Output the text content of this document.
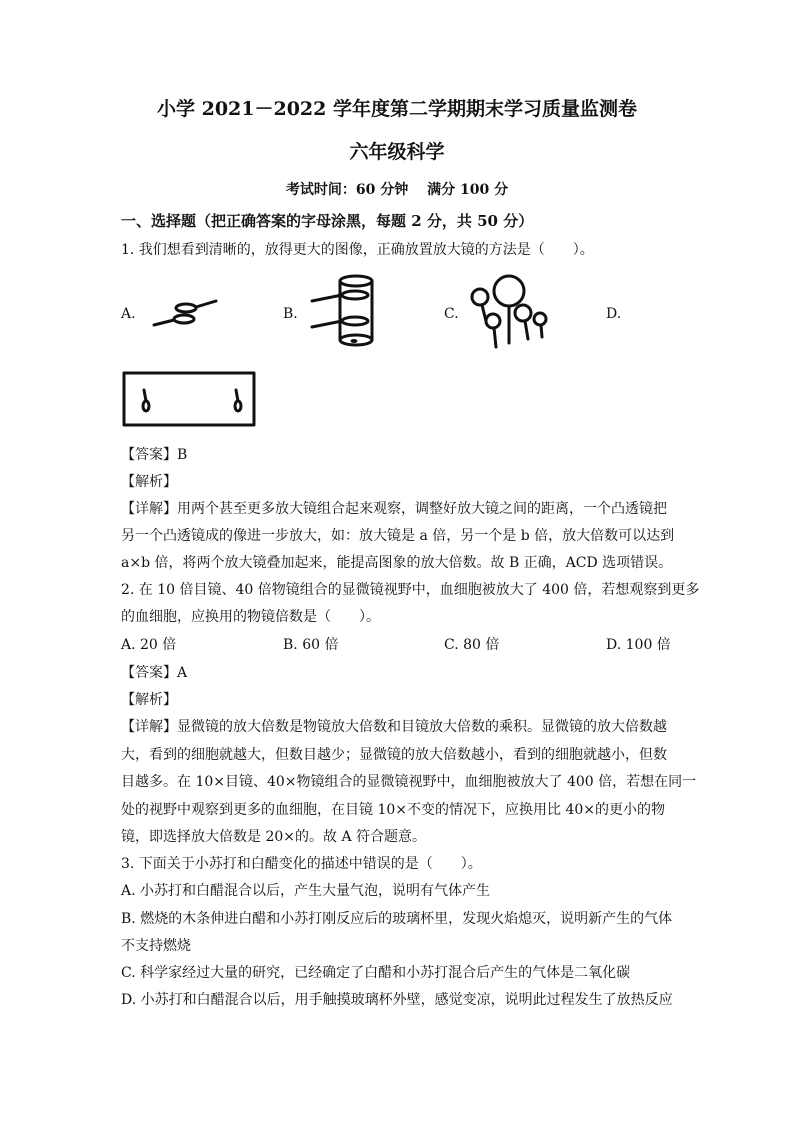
小学 2021－2022 学年度第二学期期末学习质量监测卷
六年级科学
考试时间：60 分钟　 满分 100 分
一、选择题（把正确答案的字母涂黑，每题 2 分，共 50 分）
1. 我们想看到清晰的，放得更大的图像，正确放置放大镜的方法是（　　）。
A.	B.	C.	D.
【答案】B
【解析】
【详解】用两个甚至更多放大镜组合起来观察，调整好放大镜之间的距离，一个凸透镜把
另一个凸透镜成的像进一步放大，如：放大镜是 a 倍，另一个是 b 倍，放大倍数可以达到
a×b 倍，将两个放大镜叠加起来，能提高图象的放大倍数。故 B 正确，ACD 选项错误。
2. 在 10 倍目镜、40 倍物镜组合的显微镜视野中，血细胞被放大了 400 倍，若想观察到更多
的血细胞，应换用的物镜倍数是（　　）。
A. 20 倍	B. 60 倍	C. 80 倍	D. 100 倍
【答案】A
【解析】
【详解】显微镜的放大倍数是物镜放大倍数和目镜放大倍数的乘积。显微镜的放大倍数越
大，看到的细胞就越大，但数目越少；显微镜的放大倍数越小，看到的细胞就越小，但数
目越多。在 10×目镜、40×物镜组合的显微镜视野中，血细胞被放大了 400 倍，若想在同一
处的视野中观察到更多的血细胞，在目镜 10×不变的情况下，应换用比 40×的更小的物
镜，即选择放大倍数是 20×的。故 A 符合题意。
3. 下面关于小苏打和白醋变化的描述中错误的是（　　）。
A. 小苏打和白醋混合以后，产生大量气泡，说明有气体产生
B. 燃烧的木条伸进白醋和小苏打刚反应后的玻璃杯里，发现火焰熄灭，说明新产生的气体
不支持燃烧
C. 科学家经过大量的研究，已经确定了白醋和小苏打混合后产生的气体是二氧化碳
D. 小苏打和白醋混合以后，用手触摸玻璃杯外壁，感觉变凉，说明此过程发生了放热反应
